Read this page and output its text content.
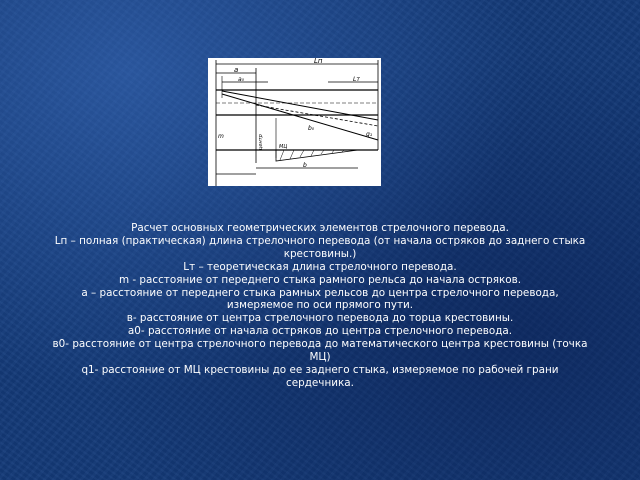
Lп
a
a₀	Lт
q₁
b
m
b₀
центр	МЦ

Расчет основных геометрических элементов стрелочного перевода.

Lп – полная (практическая) длина стрелочного перевода (от начала остряков до заднего стыка крестовины.)

Lт – теоретическая длина стрелочного перевода.

m - расстояние от переднего стыка рамного рельса до начала остряков.

а – расстояние от переднего стыка рамных рельсов до центра стрелочного перевода, измеряемое по оси прямого пути.

в- расстояние от центра стрелочного перевода до торца крестовины.

а0- расстояние от начала остряков до центра стрелочного перевода.

в0- расстояние от центра стрелочного перевода до математического центра крестовины (точка МЦ)

q1- расстояние от МЦ крестовины до ее заднего стыка, измеряемое по рабочей грани сердечника.
